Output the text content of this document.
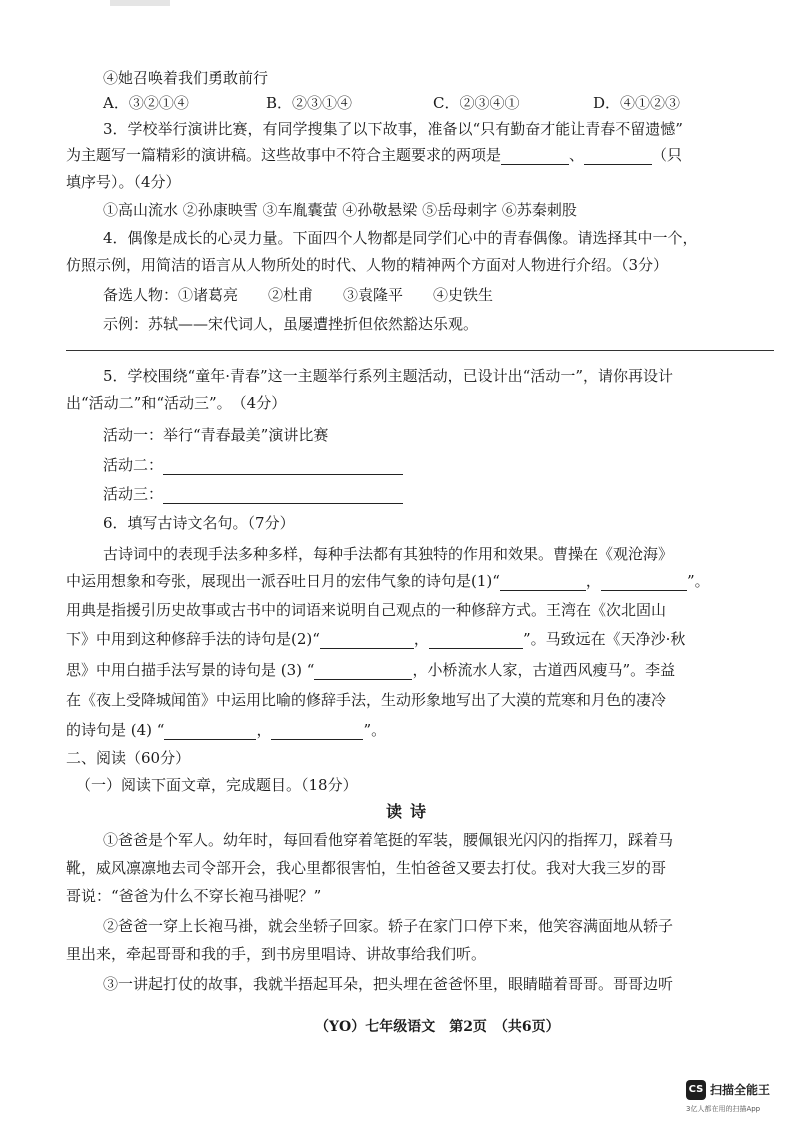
④她召唤着我们勇敢前行
A．③②①④	B．②③①④	C．②③④①	D．④①②③
3．学校举行演讲比赛，有同学搜集了以下故事，准备以“只有勤奋才能让青春不留遗憾”
为主题写一篇精彩的演讲稿。这些故事中不符合主题要求的两项是	、	（只
填序号）。（4分）
①高山流水 ②孙康映雪 ③车胤囊萤 ④孙敬悬梁 ⑤岳母刺字 ⑥苏秦刺股
4．偶像是成长的心灵力量。下面四个人物都是同学们心中的青春偶像。请选择其中一个，
仿照示例，用简洁的语言从人物所处的时代、人物的精神两个方面对人物进行介绍。（3分）
备选人物：①诸葛亮　　②杜甫　　③袁隆平　　④史铁生
示例：苏轼——宋代词人，虽屡遭挫折但依然豁达乐观。
5．学校围绕“童年·青春”这一主题举行系列主题活动，已设计出“活动一”，请你再设计
出“活动二”和“活动三”。　（4分）
活动一：举行“青春最美”演讲比赛
活动二：
活动三：
6．填写古诗文名句。（7分）
古诗词中的表现手法多种多样，每种手法都有其独特的作用和效果。曹操在《观沧海》
中运用想象和夸张，展现出一派吞吐日月的宏伟气象的诗句是(1)“	，	”。
用典是指援引历史故事或古书中的词语来说明自己观点的一种修辞方式。王湾在《次北固山
下》中用到这种修辞手法的诗句是(2)“	，	”。马致远在《天净沙·秋
思》中用白描手法写景的诗句是 (3) “	，小桥流水人家，古道西风瘦马”。李益
在《夜上受降城闻笛》中运用比喻的修辞手法，生动形象地写出了大漠的荒寒和月色的凄冷
的诗句是 (4) “	，	”。
二、阅读（60分）
（一）阅读下面文章，完成题目。（18分）
读诗
①爸爸是个军人。幼年时，每回看他穿着笔挺的军装，腰佩银光闪闪的指挥刀，踩着马
靴，威风凛凛地去司令部开会，我心里都很害怕，生怕爸爸又要去打仗。我对大我三岁的哥
哥说：“爸爸为什么不穿长袍马褂呢？”
②爸爸一穿上长袍马褂，就会坐轿子回家。轿子在家门口停下来，他笑容满面地从轿子
里出来，牵起哥哥和我的手，到书房里唱诗、讲故事给我们听。
③一讲起打仗的故事，我就半捂起耳朵，把头埋在爸爸怀里，眼睛瞄着哥哥。哥哥边听
（YO）七年级语文　第2页　（共6页）
CS 扫描全能王
3亿人都在用的扫描App
